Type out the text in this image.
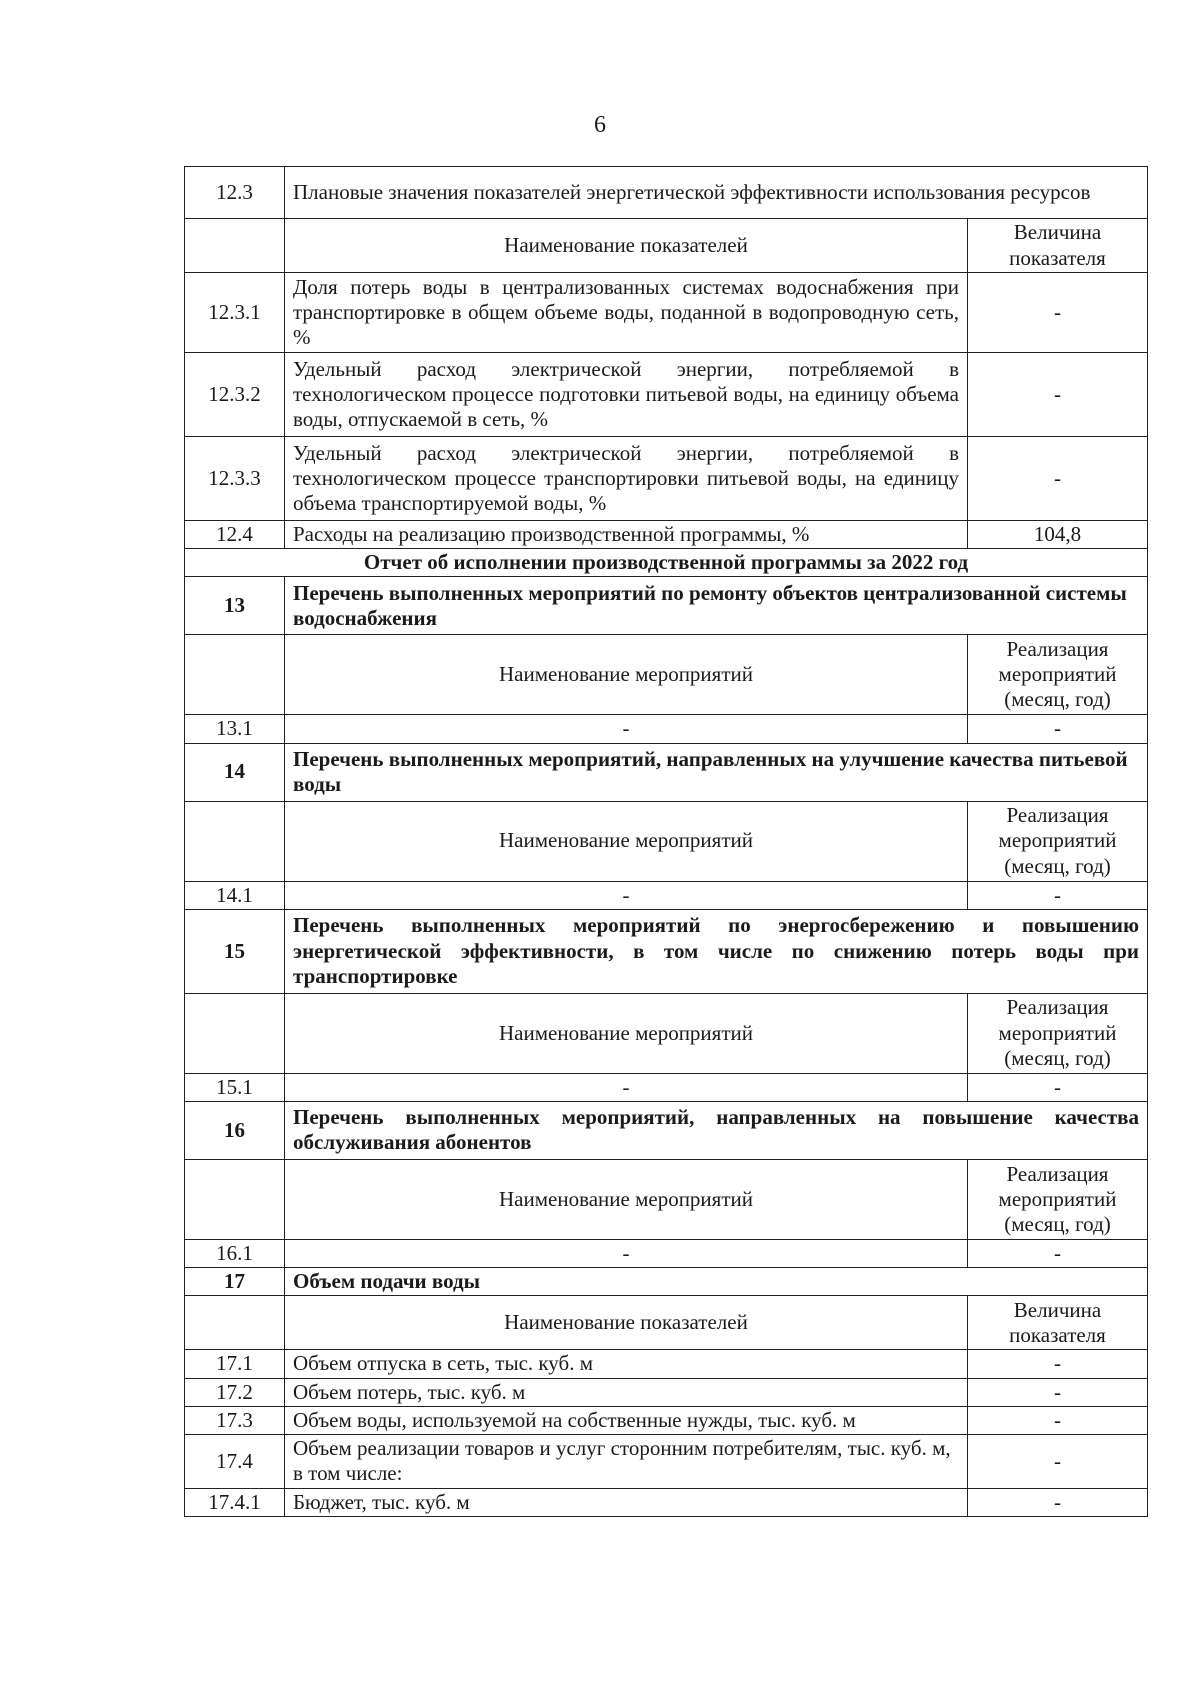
6
12.3	Плановые значения показателей энергетической эффективности использования ресурсов	
	Наименование показателей	Величина показателя
12.3.1	Доля потерь воды в централизованных системах водоснабжения при транспортировке в общем объеме воды, поданной в водопроводную сеть, %	-
12.3.2	Удельный расход электрической энергии, потребляемой в технологическом процессе подготовки питьевой воды, на единицу объема воды, отпускаемой в сеть, %	-
12.3.3	Удельный расход электрической энергии, потребляемой в технологическом процессе транспортировки питьевой воды, на единицу объема транспортируемой воды, %	-
12.4	Расходы на реализацию производственной программы, %	104,8
Отчет об исполнении производственной программы за 2022 год		
13	Перечень выполненных мероприятий по ремонту объектов централизованной системы водоснабжения	
	Наименование мероприятий	Реализация мероприятий (месяц, год)
13.1	-	-
14	Перечень выполненных мероприятий, направленных на улучшение качества питьевой воды	
	Наименование мероприятий	Реализация мероприятий (месяц, год)
14.1	-	-
15	Перечень выполненных мероприятий по энергосбережению и повышению энергетической эффективности, в том числе по снижению потерь воды при транспортировке	
	Наименование мероприятий	Реализация мероприятий (месяц, год)
15.1	-	-
16	Перечень выполненных мероприятий, направленных на повышение качества обслуживания абонентов	
	Наименование мероприятий	Реализация мероприятий (месяц, год)
16.1	-	-
17	Объем подачи воды	
	Наименование показателей	Величина показателя
17.1	Объем отпуска в сеть, тыс. куб. м	-
17.2	Объем потерь, тыс. куб. м	-
17.3	Объем воды, используемой на собственные нужды, тыс. куб. м	-
17.4	Объем реализации товаров и услуг сторонним потребителям, тыс. куб. м, в том числе:	-
17.4.1	Бюджет, тыс. куб. м	-
